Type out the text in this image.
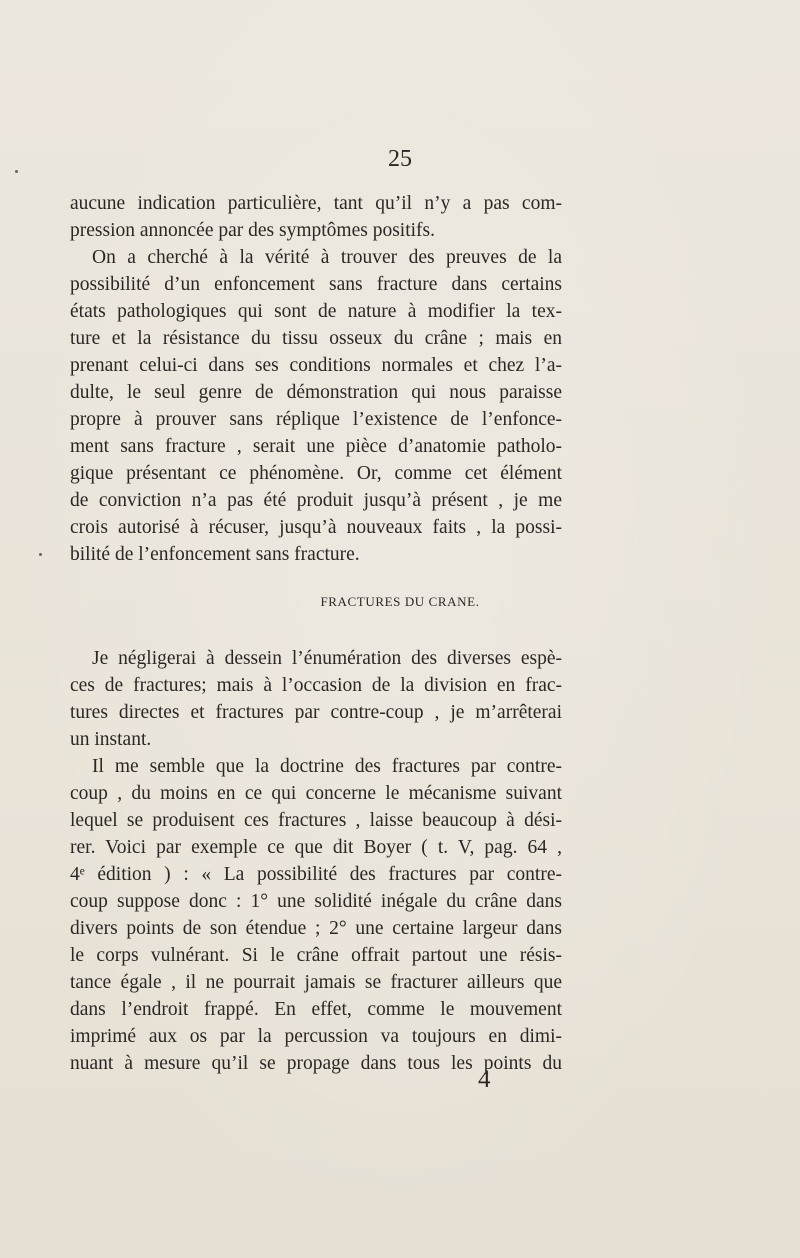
25
aucune indication particulière, tant qu’il n’y a pas com-
pression annoncée par des symptômes positifs.
On a cherché à la vérité à trouver des preuves de la
possibilité d’un enfoncement sans fracture dans certains
états pathologiques qui sont de nature à modifier la tex-
ture et la résistance du tissu osseux du crâne ; mais en
prenant celui-ci dans ses conditions normales et chez l’a-
dulte, le seul genre de démonstration qui nous paraisse
propre à prouver sans réplique l’existence de l’enfonce-
ment sans fracture , serait une pièce d’anatomie patholo-
gique présentant ce phénomène. Or, comme cet élément
de conviction n’a pas été produit jusqu’à présent , je me
crois autorisé à récuser, jusqu’à nouveaux faits , la possi-
bilité de l’enfoncement sans fracture.
FRACTURES DU CRANE.
Je négligerai à dessein l’énumération des diverses espè-
ces de fractures; mais à l’occasion de la division en frac-
tures directes et fractures par contre-coup , je m’arrêterai
un instant.
Il me semble que la doctrine des fractures par contre-
coup , du moins en ce qui concerne le mécanisme suivant
lequel se produisent ces fractures , laisse beaucoup à dési-
rer. Voici par exemple ce que dit Boyer ( t. V, pag. 64 ,
4ᵉ édition ) : « La possibilité des fractures par contre-
coup suppose donc : 1° une solidité inégale du crâne dans
divers points de son étendue ; 2° une certaine largeur dans
le corps vulnérant. Si le crâne offrait partout une résis-
tance égale , il ne pourrait jamais se fracturer ailleurs que
dans l’endroit frappé. En effet, comme le mouvement
imprimé aux os par la percussion va toujours en dimi-
nuant à mesure qu’il se propage dans tous les points du
4
